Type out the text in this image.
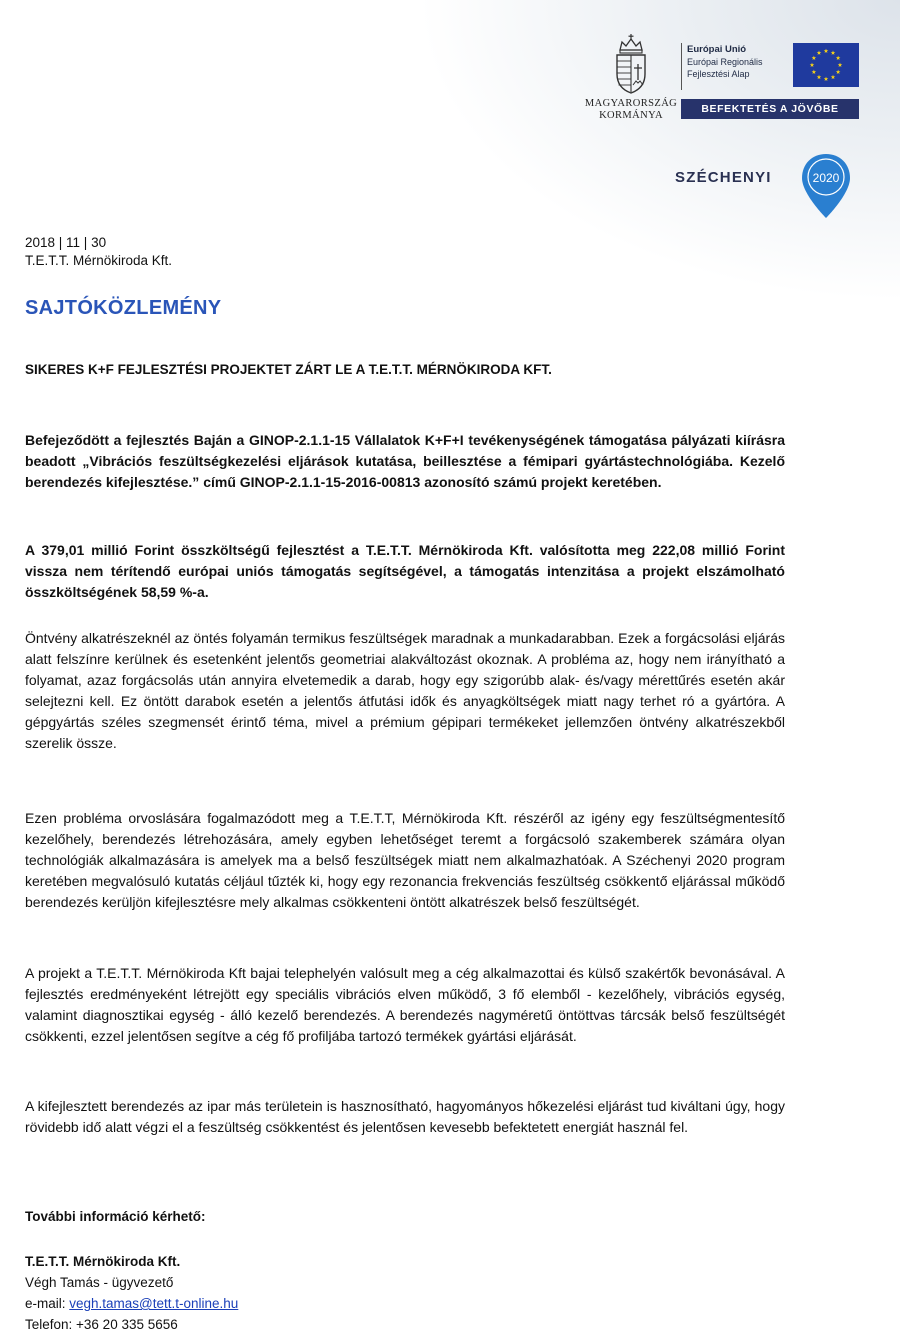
MAGYARORSZÁG
KORMÁNYA
Európai Unió
Európai Regionális
Fejlesztési Alap
BEFEKTETÉS A JÖVŐBE
SZÉCHENYI	2020
2018 | 11 | 30
T.E.T.T. Mérnökiroda Kft.
SAJTÓKÖZLEMÉNY
SIKERES K+F FEJLESZTÉSI PROJEKTET ZÁRT LE A T.E.T.T. MÉRNÖKIRODA KFT.
Befejeződött a fejlesztés Baján a GINOP-2.1.1-15 Vállalatok K+F+I tevékenységének támogatása pályázati kiírásra beadott „Vibrációs feszültségkezelési eljárások kutatása, beillesztése a fémipari gyártástechnológiába. Kezelő berendezés kifejlesztése.” című GINOP-2.1.1-15-2016-00813 azonosító számú projekt keretében.
A 379,01 millió Forint összköltségű fejlesztést a T.E.T.T. Mérnökiroda Kft. valósította meg 222,08 millió Forint vissza nem térítendő európai uniós támogatás segítségével, a támogatás intenzitása a projekt elszámolható összköltségének 58,59 %-a.
Öntvény alkatrészeknél az öntés folyamán termikus feszültségek maradnak a munkadarabban. Ezek a forgácsolási eljárás alatt felszínre kerülnek és esetenként jelentős geometriai alakváltozást okoznak. A probléma az, hogy nem irányítható a folyamat, azaz forgácsolás után annyira elvetemedik a darab, hogy egy szigorúbb alak- és/vagy mérettűrés esetén akár selejtezni kell. Ez öntött darabok esetén a jelentős átfutási idők és anyagköltségek miatt nagy terhet ró a gyártóra. A gépgyártás széles szegmensét érintő téma, mivel a prémium gépipari termékeket jellemzően öntvény alkatrészekből szerelik össze.
Ezen probléma orvoslására fogalmazódott meg a T.E.T.T, Mérnökiroda Kft. részéről az igény egy feszültségmentesítő kezelőhely, berendezés létrehozására, amely egyben lehetőséget teremt a forgácsoló szakemberek számára olyan technológiák alkalmazására is amelyek ma a belső feszültségek miatt nem alkalmazhatóak. A Széchenyi 2020 program keretében megvalósuló kutatás céljául tűzték ki, hogy egy rezonancia frekvenciás feszültség csökkentő eljárással működő berendezés kerüljön kifejlesztésre mely alkalmas csökkenteni öntött alkatrészek belső feszültségét.
A projekt a T.E.T.T. Mérnökiroda Kft bajai telephelyén valósult meg a cég alkalmazottai és külső szakértők bevonásával. A fejlesztés eredményeként létrejött egy speciális vibrációs elven működő, 3 fő elemből - kezelőhely, vibrációs egység, valamint diagnosztikai egység - álló kezelő berendezés. A berendezés nagyméretű öntöttvas tárcsák belső feszültségét csökkenti, ezzel jelentősen segítve a cég fő profiljába tartozó termékek gyártási eljárását.
A kifejlesztett berendezés az ipar más területein is hasznosítható, hagyományos hőkezelési eljárást tud kiváltani úgy, hogy rövidebb idő alatt végzi el a feszültség csökkentést és jelentősen kevesebb befektetett energiát használ fel.
További információ kérhető:
T.E.T.T. Mérnökiroda Kft.
Végh Tamás - ügyvezető
e-mail: vegh.tamas@tett.t-online.hu
Telefon: +36 20 335 5656
